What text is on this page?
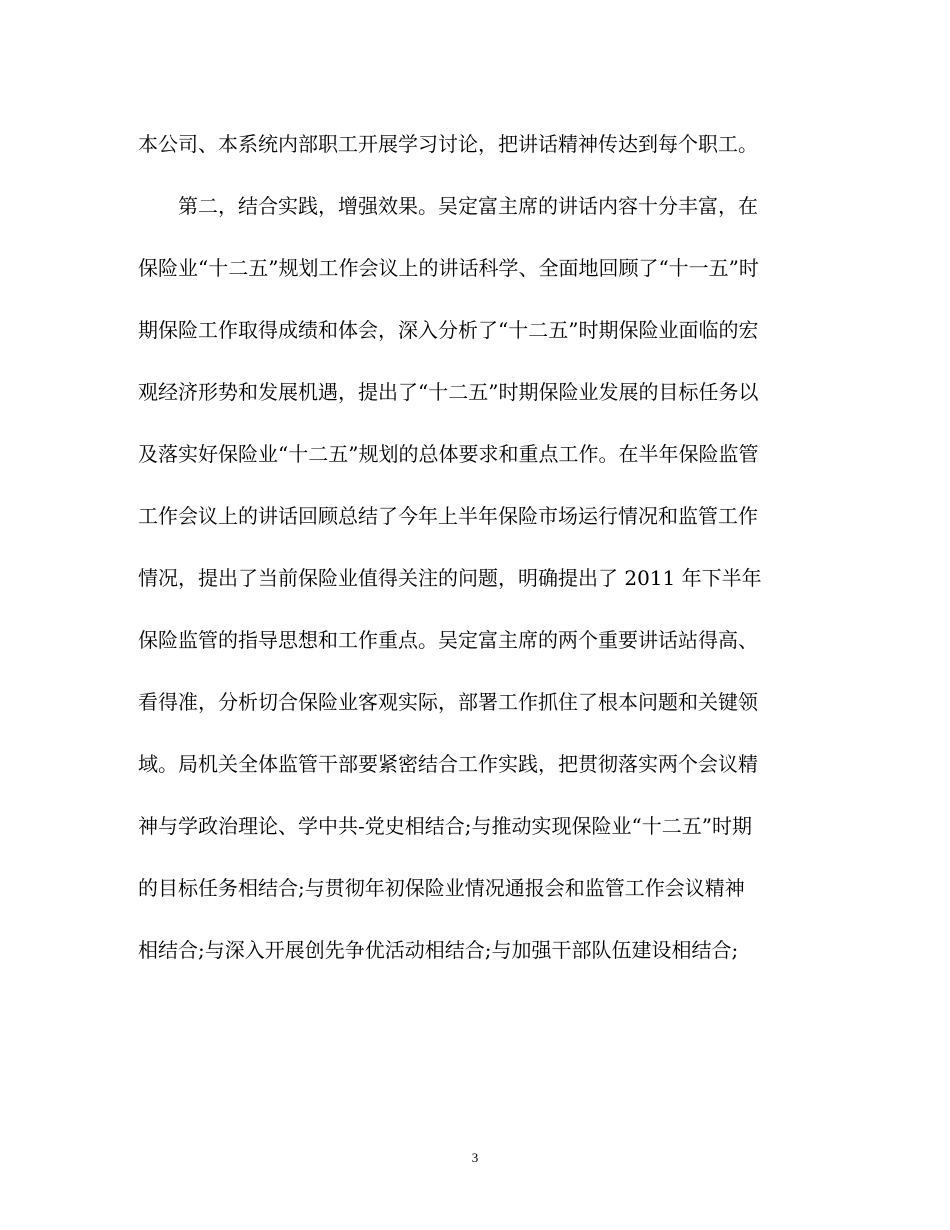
本公司、本系统内部职工开展学习讨论，把讲话精神传达到每个职工。
第二，结合实践，增强效果。吴定富主席的讲话内容十分丰富，在
保险业“十二五”规划工作会议上的讲话科学、全面地回顾了“十一五”时
期保险工作取得成绩和体会，深入分析了“十二五”时期保险业面临的宏
观经济形势和发展机遇，提出了“十二五”时期保险业发展的目标任务以
及落实好保险业“十二五”规划的总体要求和重点工作。在半年保险监管
工作会议上的讲话回顾总结了今年上半年保险市场运行情况和监管工作
情况，提出了当前保险业值得关注的问题，明确提出了 2011 年下半年
保险监管的指导思想和工作重点。吴定富主席的两个重要讲话站得高、
看得准，分析切合保险业客观实际，部署工作抓住了根本问题和关键领
域。局机关全体监管干部要紧密结合工作实践，把贯彻落实两个会议精
神与学政治理论、学中共-党史相结合;与推动实现保险业“十二五”时期
的目标任务相结合;与贯彻年初保险业情况通报会和监管工作会议精神
相结合;与深入开展创先争优活动相结合;与加强干部队伍建设相结合;
3
